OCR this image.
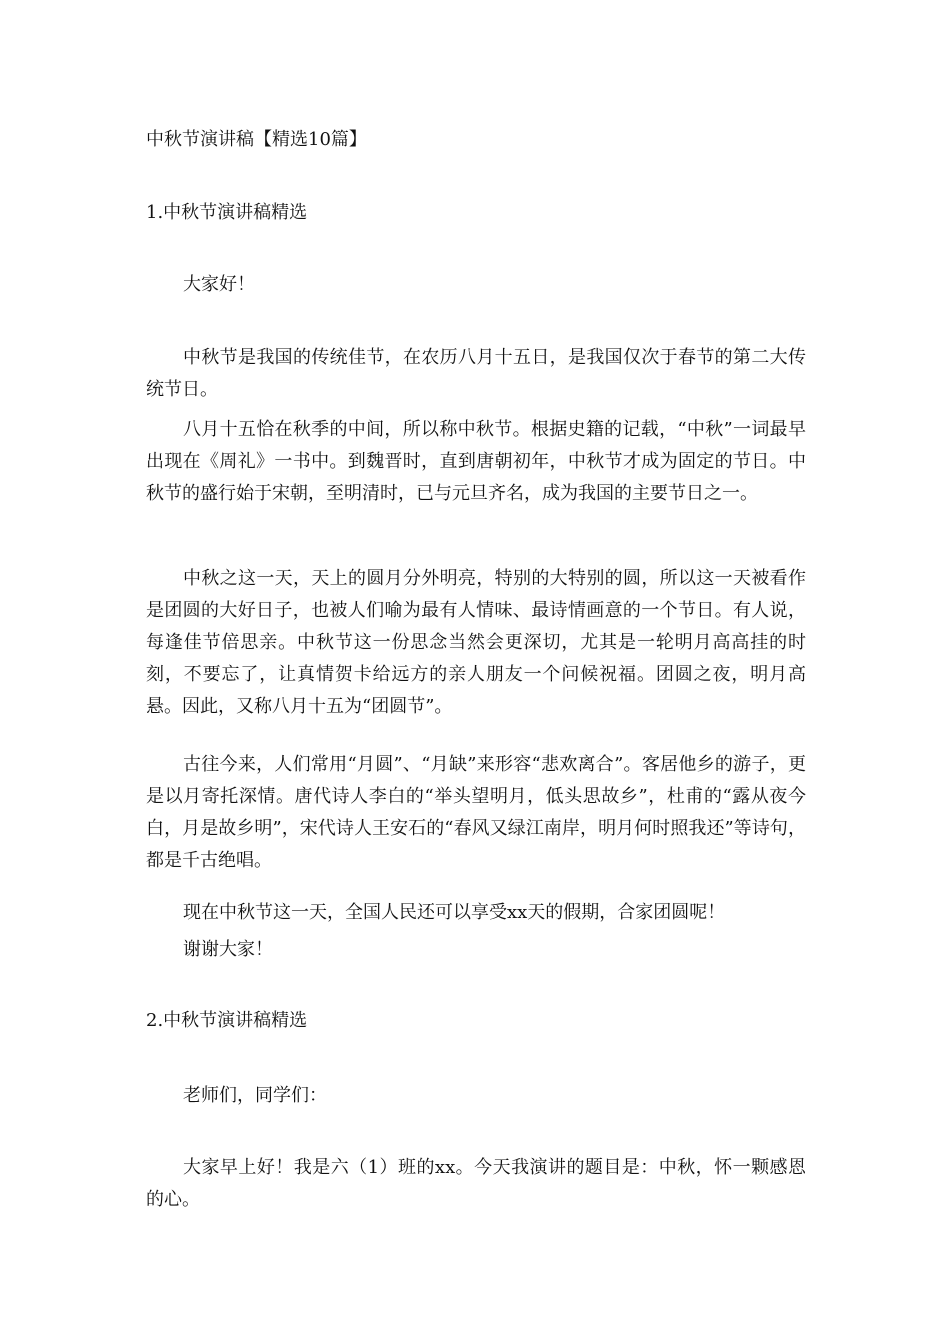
中秋节演讲稿【精选10篇】

1.中秋节演讲稿精选

大家好！

中秋节是我国的传统佳节，在农历八月十五日，是我国仅次于春节的第二大传统节日。

八月十五恰在秋季的中间，所以称中秋节。根据史籍的记载，“中秋”一词最早出现在《周礼》一书中。到魏晋时，直到唐朝初年，中秋节才成为固定的节日。中秋节的盛行始于宋朝，至明清时，已与元旦齐名，成为我国的主要节日之一。

中秋之这一天，天上的圆月分外明亮，特别的大特别的圆，所以这一天被看作是团圆的大好日子，也被人们喻为最有人情味、最诗情画意的一个节日。有人说，每逢佳节倍思亲。中秋节这一份思念当然会更深切，尤其是一轮明月高高挂的时刻，不要忘了，让真情贺卡给远方的亲人朋友一个问候祝福。团圆之夜，明月高悬。因此，又称八月十五为“团圆节”。

古往今来，人们常用“月圆”、“月缺”来形容“悲欢离合”。客居他乡的游子，更是以月寄托深情。唐代诗人李白的“举头望明月，低头思故乡”，杜甫的“露从夜今白，月是故乡明”，宋代诗人王安石的“春风又绿江南岸，明月何时照我还”等诗句，都是千古绝唱。

现在中秋节这一天，全国人民还可以享受xx天的假期，合家团圆呢！

谢谢大家！

2.中秋节演讲稿精选

老师们，同学们：

大家早上好！我是六（1）班的xx。今天我演讲的题目是：中秋，怀一颗感恩的心。
